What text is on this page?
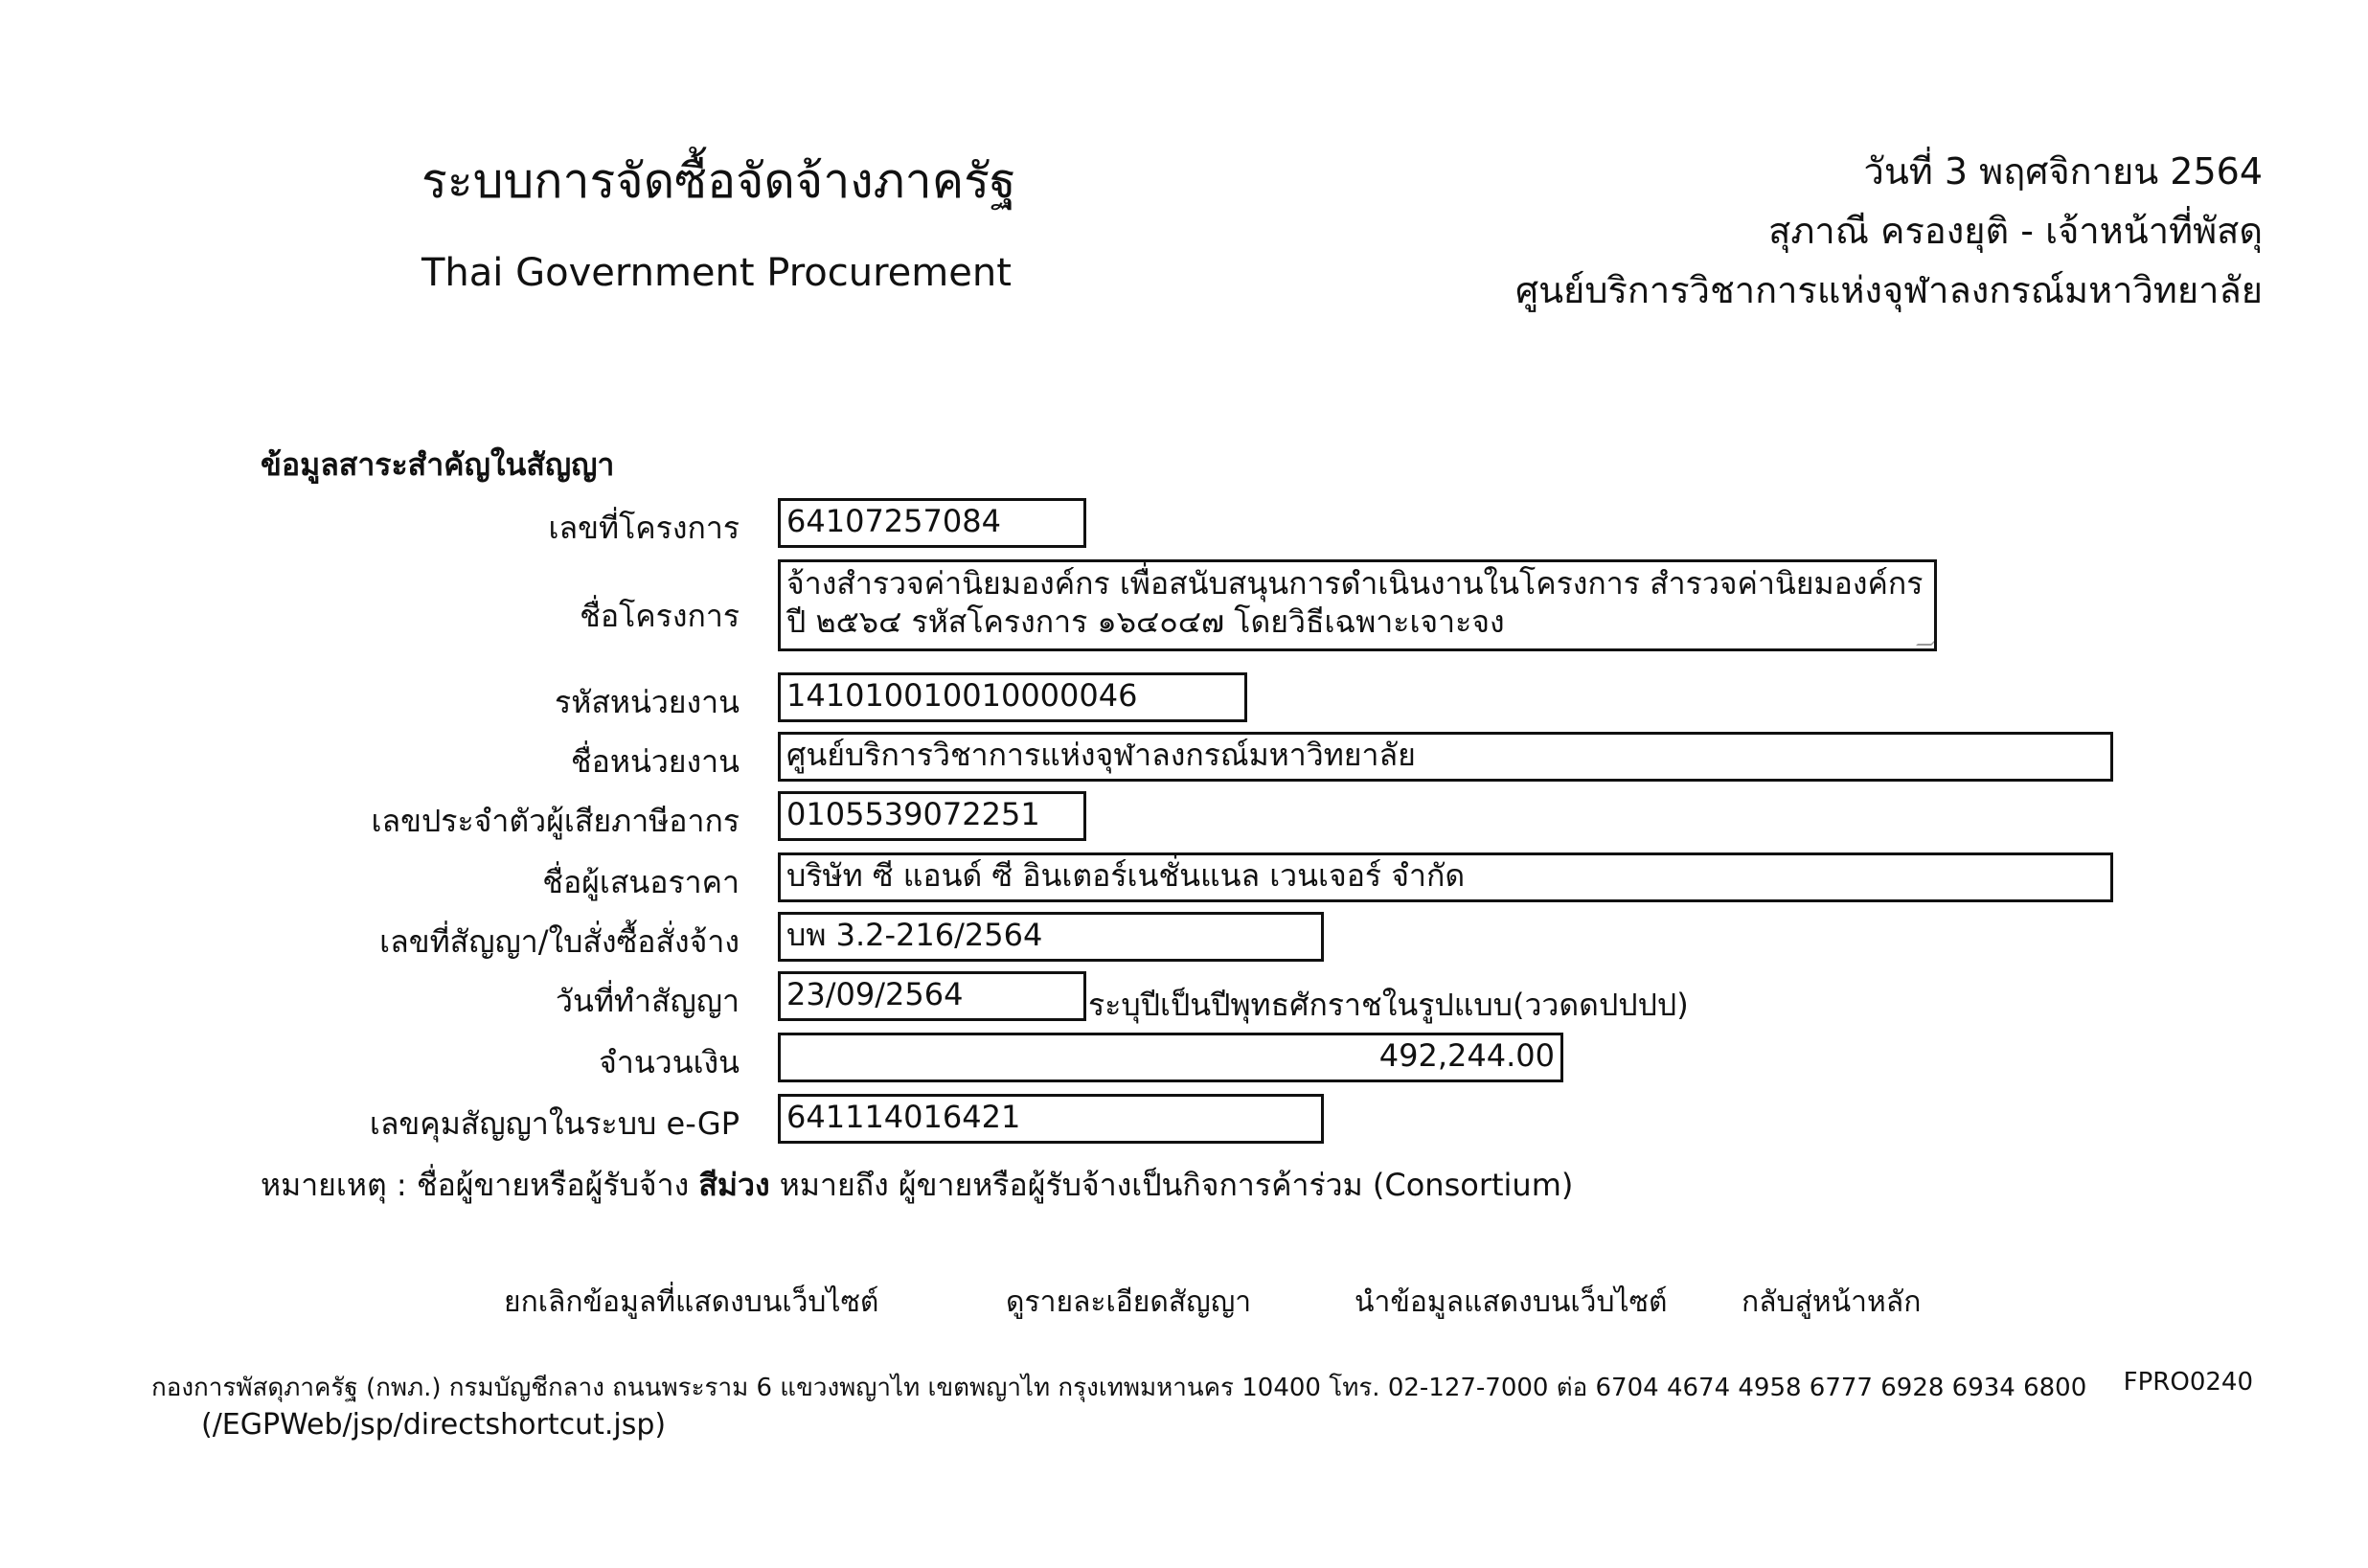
ระบบการจัดซื้อจัดจ้างภาครัฐ
Thai Government Procurement
วันที่ 3 พฤศจิกายน 2564
สุภาณี ครองยุติ - เจ้าหน้าที่พัสดุ
ศูนย์บริการวิชาการแห่งจุฬาลงกรณ์มหาวิทยาลัย
ข้อมูลสาระสำคัญในสัญญา
เลขที่โครงการ 64107257084
ชื่อโครงการ
จ้างสำรวจค่านิยมองค์กร เพื่อสนับสนุนการดำเนินงานในโครงการ สำรวจค่านิยมองค์กร ปี ๒๕๖๔ รหัสโครงการ ๑๖๔๐๔๗ โดยวิธีเฉพาะเจาะจง
รหัสหน่วยงาน 141010010010000046
ชื่อหน่วยงาน ศูนย์บริการวิชาการแห่งจุฬาลงกรณ์มหาวิทยาลัย
เลขประจำตัวผู้เสียภาษีอากร 0105539072251
ชื่อผู้เสนอราคา บริษัท ซี แอนด์ ซี อินเตอร์เนชั่นแนล เวนเจอร์ จำกัด
เลขที่สัญญา/ใบสั่งซื้อสั่งจ้าง บพ 3.2-216/2564
วันที่ทำสัญญา 23/09/2564	ระบุปีเป็นปีพุทธศักราชในรูปแบบ(ววดดปปปป)
จำนวนเงิน	492,244.00
เลขคุมสัญญาในระบบ e-GP 641114016421
หมายเหตุ : ชื่อผู้ขายหรือผู้รับจ้าง สีม่วง หมายถึง ผู้ขายหรือผู้รับจ้างเป็นกิจการค้าร่วม (Consortium)
ยกเลิกข้อมูลที่แสดงบนเว็บไซต์	ดูรายละเอียดสัญญา	นำข้อมูลแสดงบนเว็บไซต์	กลับสู่หน้าหลัก
กองการพัสดุภาครัฐ (กพภ.) กรมบัญชีกลาง ถนนพระราม 6 แขวงพญาไท เขตพญาไท กรุงเทพมหานคร 10400 โทร. 02-127-7000 ต่อ 6704 4674 4958 6777 6928 6934 6800 FPRO0240
(/EGPWeb/jsp/directshortcut.jsp)
